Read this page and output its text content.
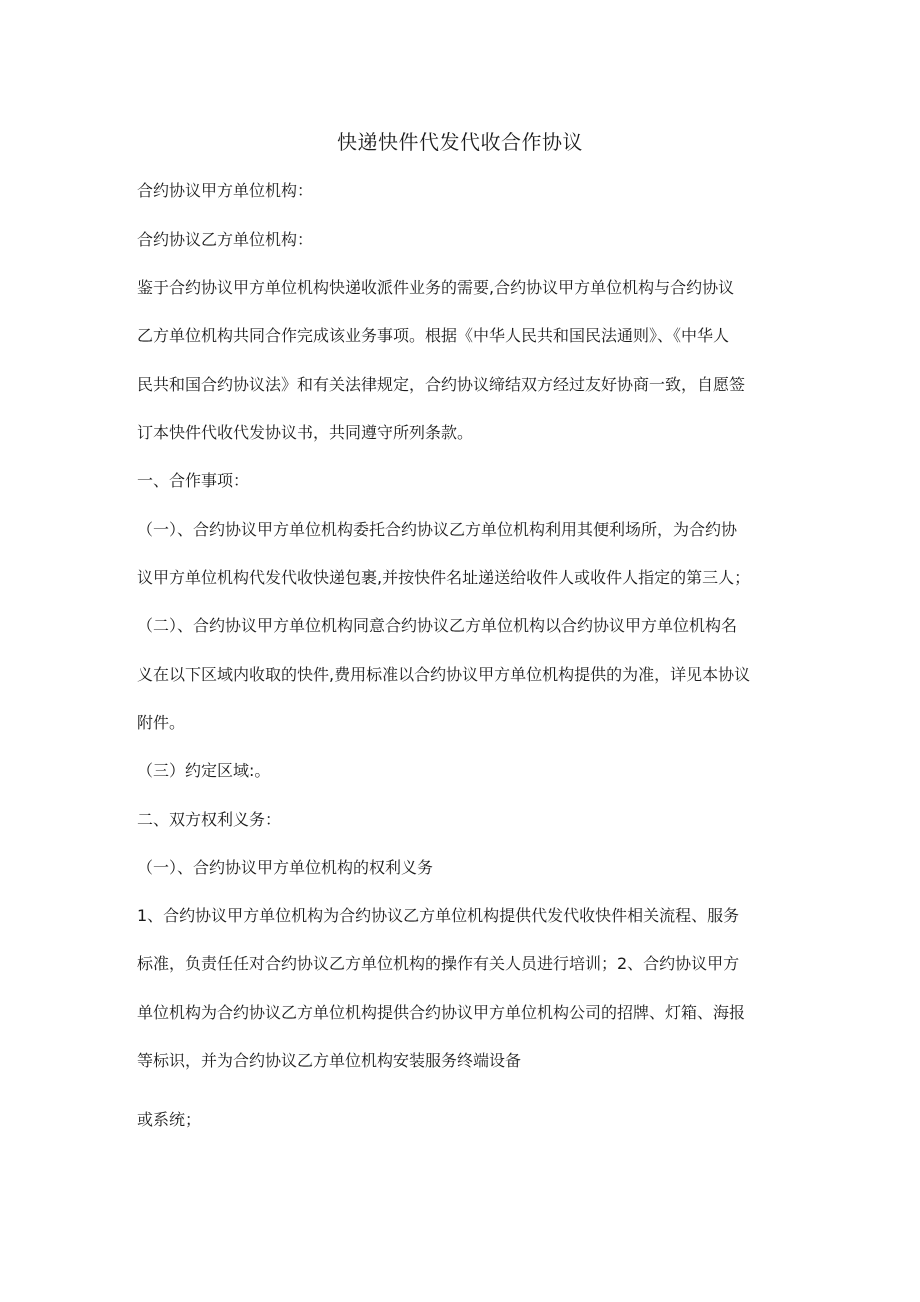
快递快件代发代收合作协议
合约协议甲方单位机构：
合约协议乙方单位机构：
鉴于合约协议甲方单位机构快递收派件业务的需要,合约协议甲方单位机构与合约协议
乙方单位机构共同合作完成该业务事项。根据《中华人民共和国民法通则》、《中华人
民共和国合约协议法》和有关法律规定，合约协议缔结双方经过友好协商一致，自愿签
订本快件代收代发协议书，共同遵守所列条款。
一、合作事项：
（一）、合约协议甲方单位机构委托合约协议乙方单位机构利用其便利场所，为合约协
议甲方单位机构代发代收快递包裹,并按快件名址递送给收件人或收件人指定的第三人；
（二）、合约协议甲方单位机构同意合约协议乙方单位机构以合约协议甲方单位机构名
义在以下区域内收取的快件,费用标准以合约协议甲方单位机构提供的为准，详见本协议
附件。
（三）约定区域:。
二、双方权利义务：
（一）、合约协议甲方单位机构的权利义务
1、合约协议甲方单位机构为合约协议乙方单位机构提供代发代收快件相关流程、服务
标准，负责任任对合约协议乙方单位机构的操作有关人员进行培训；2、合约协议甲方
单位机构为合约协议乙方单位机构提供合约协议甲方单位机构公司的招牌、灯箱、海报
等标识，并为合约协议乙方单位机构安装服务终端设备
或系统；
